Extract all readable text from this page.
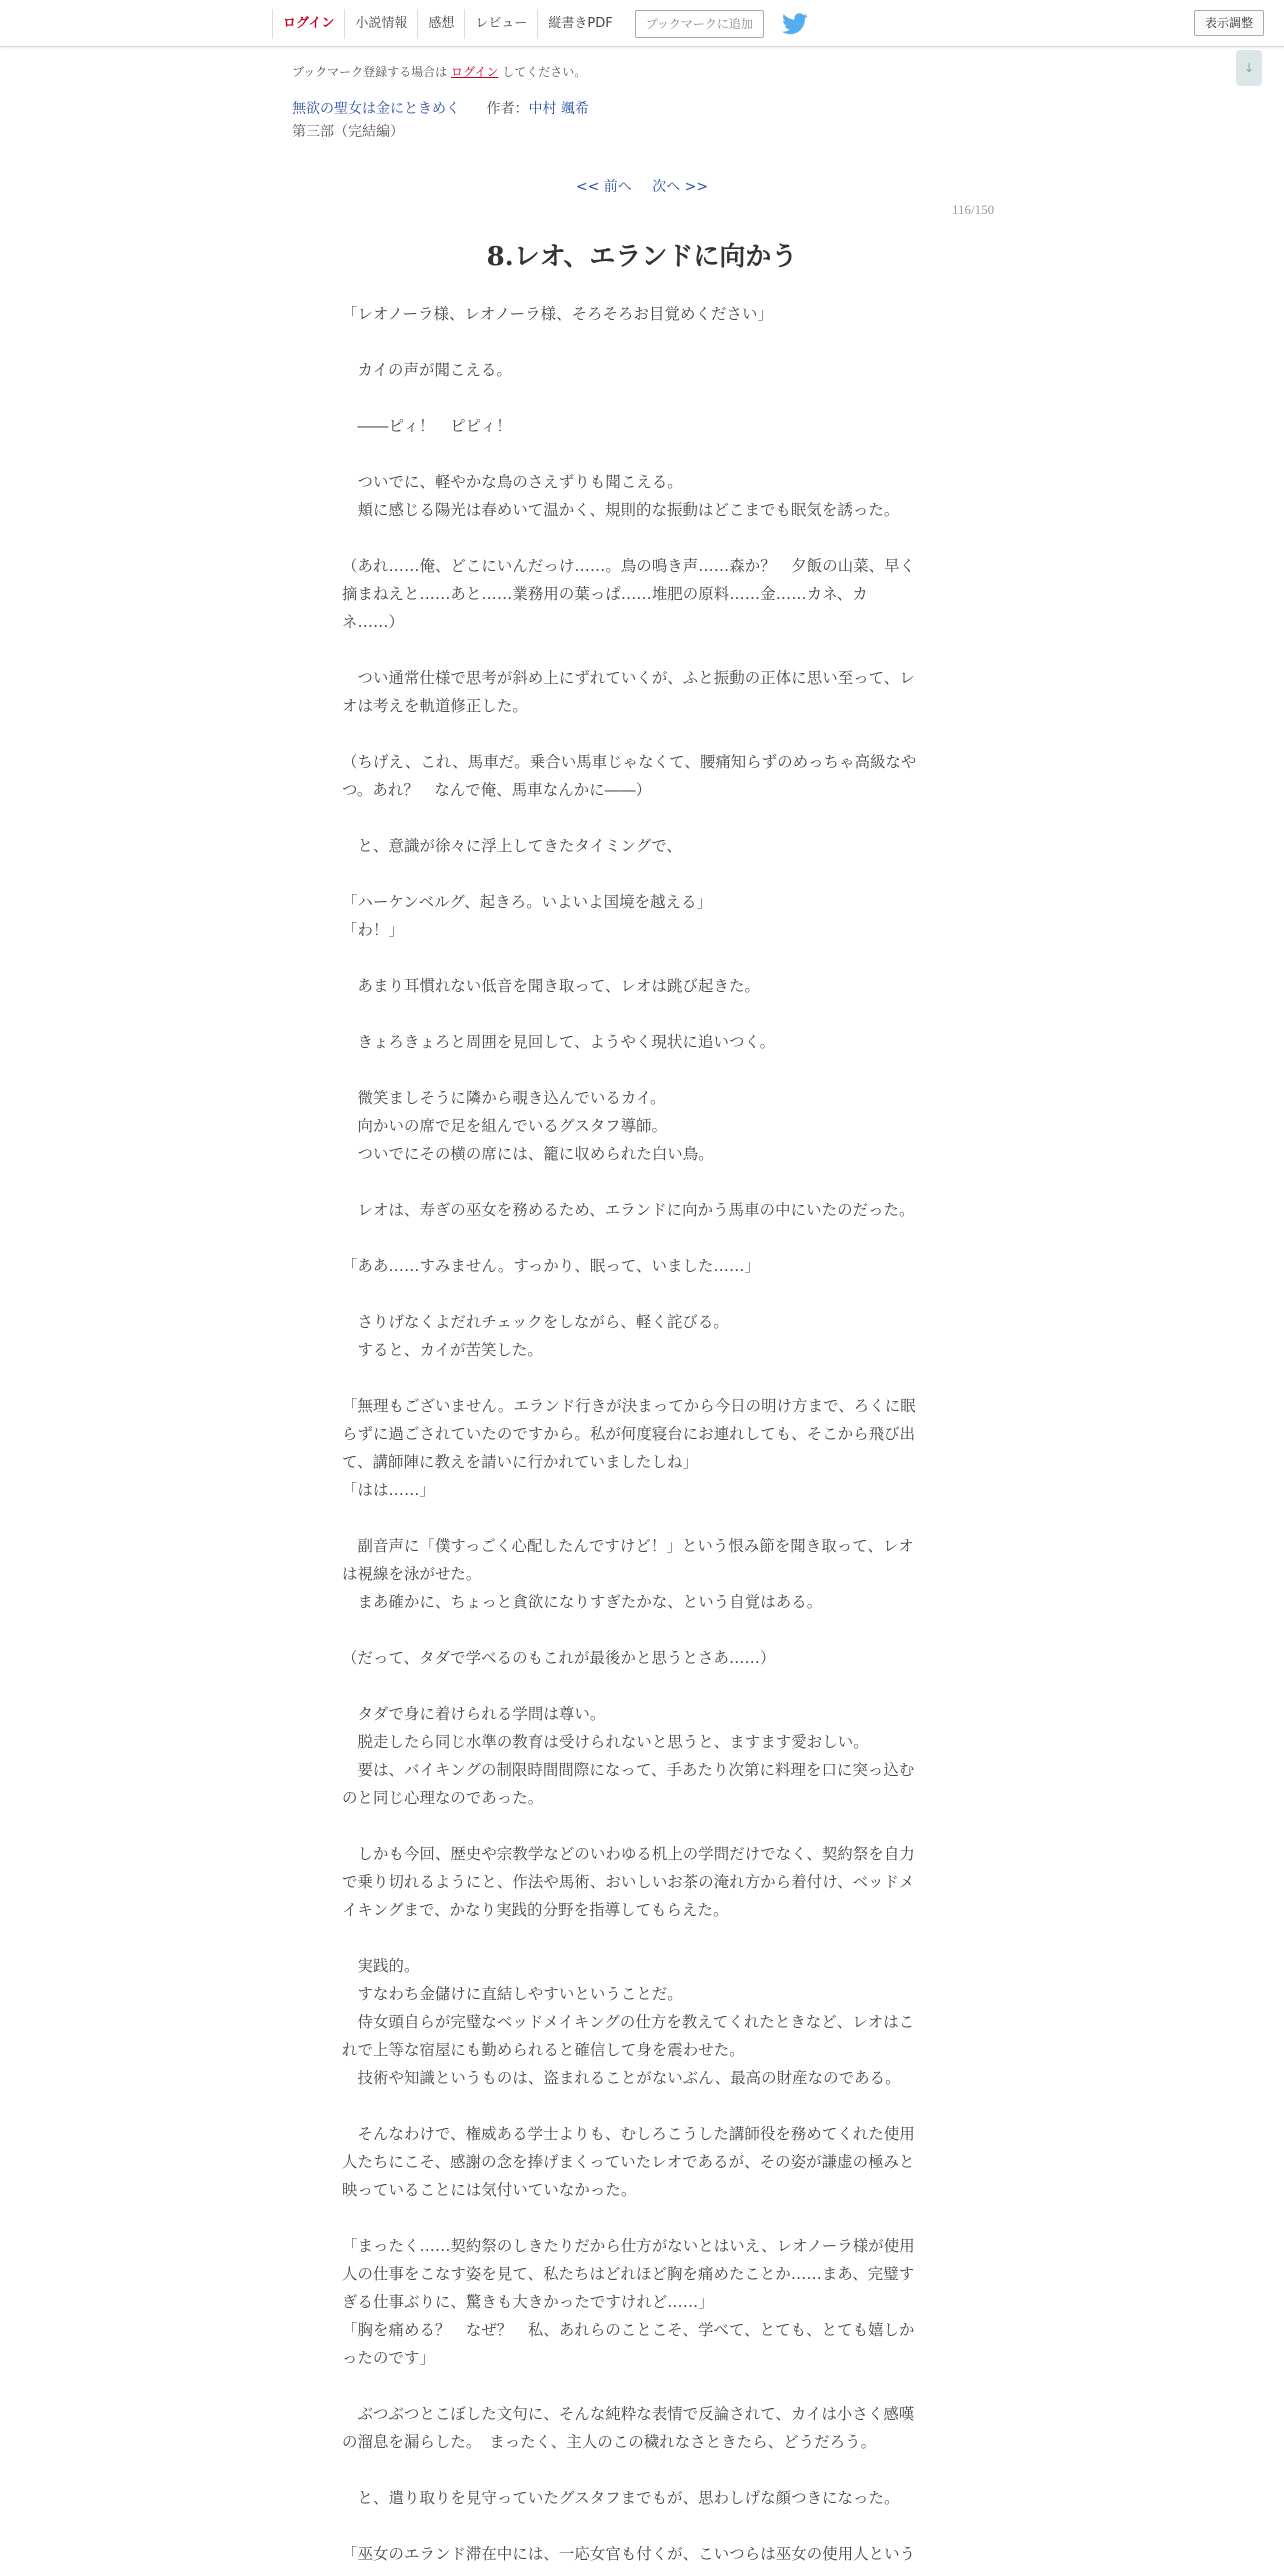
ログイン	小説情報	感想	レビュー	縦書きPDF	ブックマークに追加	表示調整
↓
ブックマーク登録する場合は ログイン してください。
無欲の聖女は金にときめく 作者：中村 颯希
第三部（完結編）
<< 前へ 次へ >>
116/150
8.レオ、エランドに向かう

「レオノーラ様、レオノーラ様、そろそろお目覚めください」

　カイの声が聞こえる。

　――ピィ！　ピピィ！

　ついでに、軽やかな鳥のさえずりも聞こえる。

　頬に感じる陽光は春めいて温かく、規則的な振動はどこまでも眠気を誘った。

（あれ……俺、どこにいんだっけ……。鳥の鳴き声……森か？　夕飯の山菜、早く

摘まねえと……あと……業務用の葉っぱ……堆肥の原料……金……カネ、カ

ネ……）

　つい通常仕様で思考が斜め上にずれていくが、ふと振動の正体に思い至って、レ

オは考えを軌道修正した。

（ちげえ、これ、馬車だ。乗合い馬車じゃなくて、腰痛知らずのめっちゃ高級なや

つ。あれ？　なんで俺、馬車なんかに――）

　と、意識が徐々に浮上してきたタイミングで、

「ハーケンベルグ、起きろ。いよいよ国境を越える」

「わ！」

　あまり耳慣れない低音を聞き取って、レオは跳び起きた。

　きょろきょろと周囲を見回して、ようやく現状に追いつく。

　微笑ましそうに隣から覗き込んでいるカイ。

　向かいの席で足を組んでいるグスタフ導師。

　ついでにその横の席には、籠に収められた白い鳥。

　レオは、寿ぎの巫女を務めるため、エランドに向かう馬車の中にいたのだった。

「ああ……すみません。すっかり、眠って、いました……」

　さりげなくよだれチェックをしながら、軽く詫びる。

　すると、カイが苦笑した。

「無理もございません。エランド行きが決まってから今日の明け方まで、ろくに眠

らずに過ごされていたのですから。私が何度寝台にお連れしても、そこから飛び出

て、講師陣に教えを請いに行かれていましたしね」

「はは……」

　副音声に「僕すっごく心配したんですけど！」という恨み節を聞き取って、レオ

は視線を泳がせた。

　まあ確かに、ちょっと貪欲になりすぎたかな、という自覚はある。

（だって、タダで学べるのもこれが最後かと思うとさあ……）

　タダで身に着けられる学問は尊い。

　脱走したら同じ水準の教育は受けられないと思うと、ますます愛おしい。

　要は、バイキングの制限時間間際になって、手あたり次第に料理を口に突っ込む

のと同じ心理なのであった。

　しかも今回、歴史や宗教学などのいわゆる机上の学問だけでなく、契約祭を自力

で乗り切れるようにと、作法や馬術、おいしいお茶の淹れ方から着付け、ベッドメ

イキングまで、かなり実践的分野を指導してもらえた。

　実践的。

　すなわち金儲けに直結しやすいということだ。

　侍女頭自らが完璧なベッドメイキングの仕方を教えてくれたときなど、レオはこ

れで上等な宿屋にも勤められると確信して身を震わせた。

　技術や知識というものは、盗まれることがないぶん、最高の財産なのである。

　そんなわけで、権威ある学士よりも、むしろこうした講師役を務めてくれた使用

人たちにこそ、感謝の念を捧げまくっていたレオであるが、その姿が謙虚の極みと

映っていることには気付いていなかった。

「まったく……契約祭のしきたりだから仕方がないとはいえ、レオノーラ様が使用

人の仕事をこなす姿を見て、私たちはどれほど胸を痛めたことか……まあ、完璧す

ぎる仕事ぶりに、驚きも大きかったですけれど……」

「胸を痛める？　なぜ？　私、あれらのことこそ、学べて、とても、とても嬉しか

ったのです」

　ぶつぶつとこぼした文句に、そんな純粋な表情で反論されて、カイは小さく感嘆

の溜息を漏らした。　まったく、主人のこの穢れなさときたら、どうだろう。

　と、遣り取りを見守っていたグスタフまでもが、思わしげな顔つきになった。

「巫女のエランド滞在中には、一応女官も付くが、こいつらは巫女の使用人という
